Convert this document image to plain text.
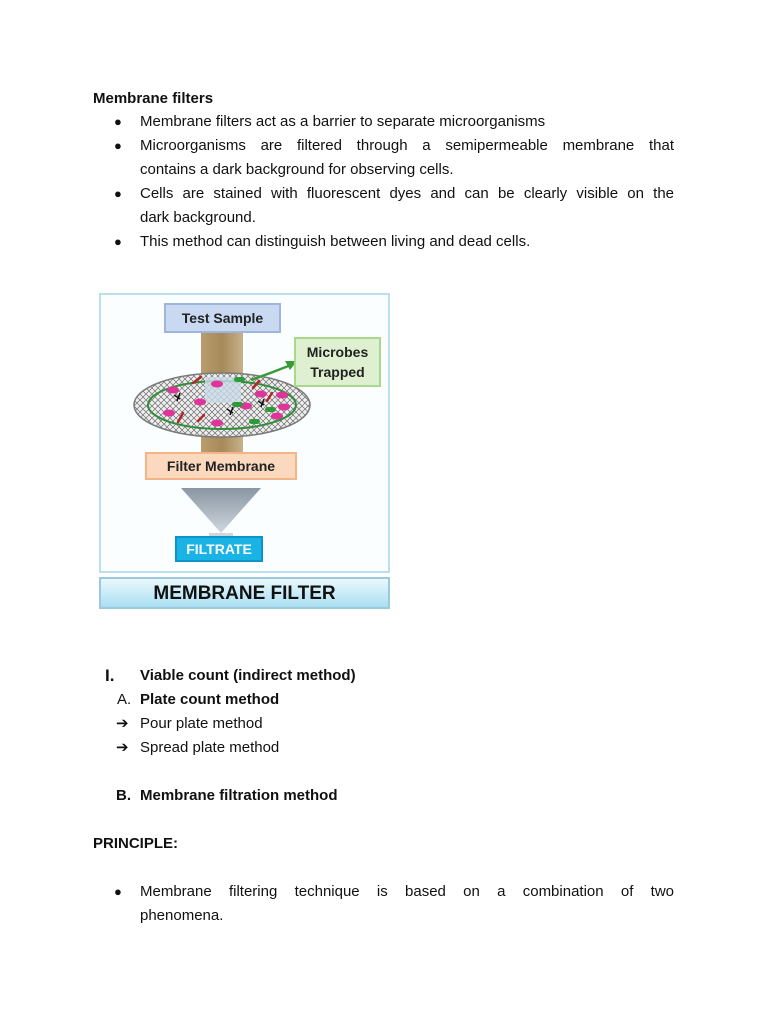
Membrane filters
● Membrane filters act as a barrier to separate microorganisms
● Microorganisms are filtered through a semipermeable membrane that
contains a dark background for observing cells.
● Cells are stained with fluorescent dyes and can be clearly visible on the
dark background.
● This method can distinguish between living and dead cells.
Test Sample
Microbes
Trapped
Filter Membrane
FILTRATE
MEMBRANE FILTER
I. Viable count (indirect method)
A. Plate count method
➔ Pour plate method
➔ Spread plate method
B. Membrane filtration method
PRINCIPLE:
● Membrane filtering technique is based on a combination of two
phenomena.
